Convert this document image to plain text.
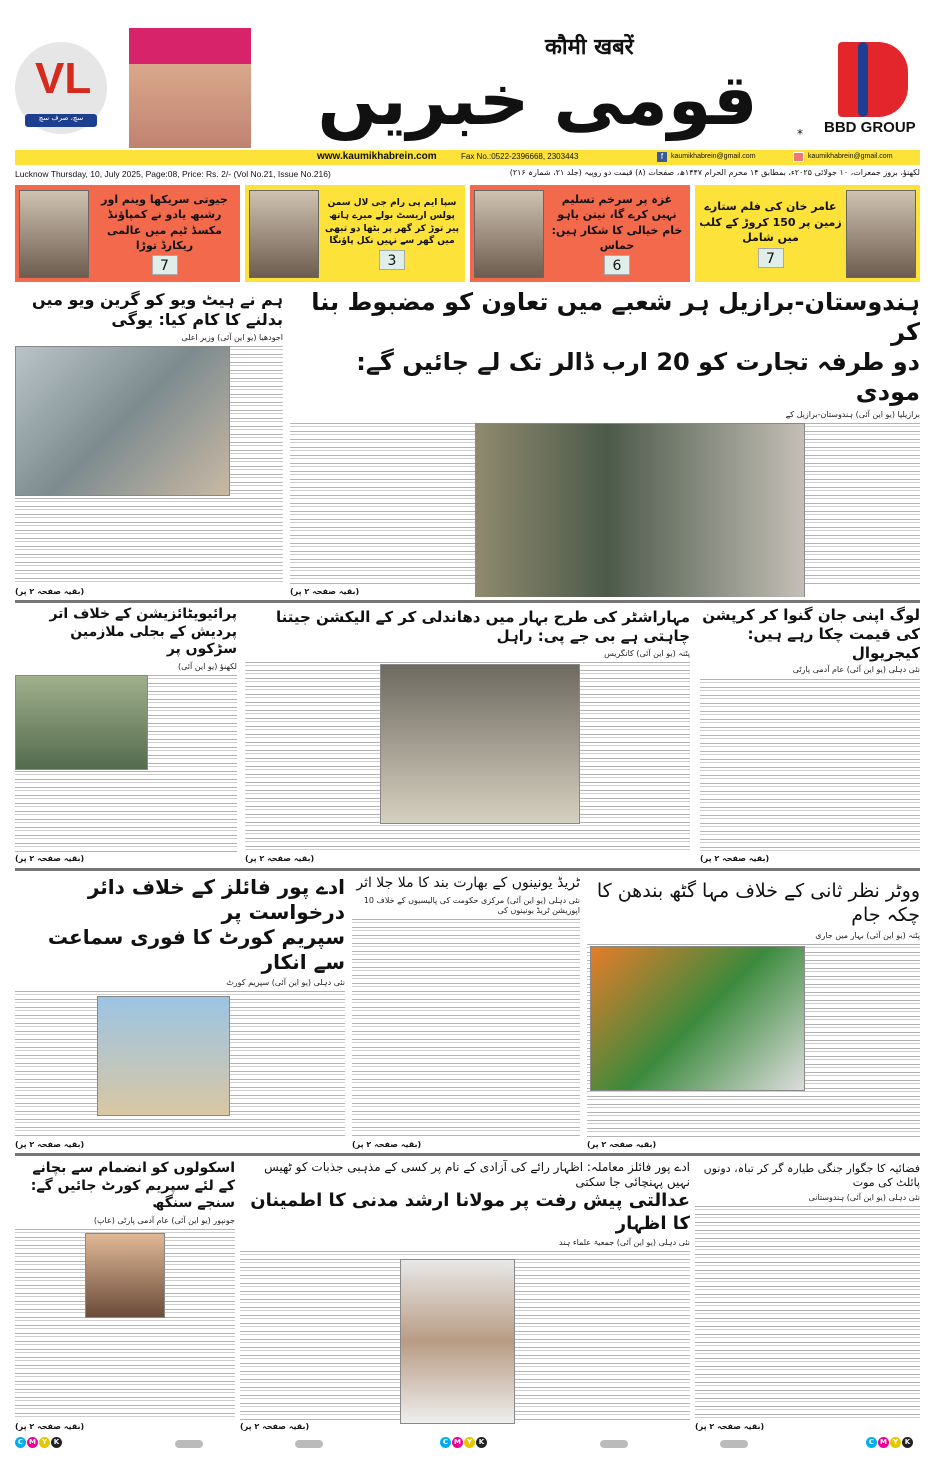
VL
سچ، صرف سچ
कौमी खबरें
قومی خبریں	* BBD GROUP
www.kaumikhabrein.com	Fax No.:0522-2396668, 2303443	f	kaumikhabrein@gmail.com	kaumikhabrein@gmail.com
Lucknow Thursday, 10, July 2025, Page:08, Price: Rs. 2/- (Vol No.21, Issue No.216)	لکھنؤ، بروز جمعرات، ۱۰ جولائی ۲۰۲۵ء، بمطابق ۱۴ محرم الحرام ۱۴۴۷ھ، صفحات (۸) قیمت دو روپیہ (جلد ۲۱، شمارہ ۲۱۶)
جیوتی سریکھا وینم اور رشبھ یادو نے کمپاؤنڈ مکسڈ ٹیم میں عالمی ریکارڈ توڑا
7
سپا ایم پی رام جی لال سمن پولس اریسٹ بولے میرے ہاتھ پیر توڑ کر گھر پر بٹھا دو تبھی میں گھر سے نہیں نکل پاؤنگا
3
غزہ پر سرخم تسلیم نہیں کرے گا، نیتن یاہو خام خیالی کا شکار ہیں: حماس
6
عامر خان کی فلم ستارے زمین پر 150 کروڑ کے کلب میں شامل
7
ہم نے ہیٹ ویو کو گرین ویو میں بدلنے کا کام کیا: یوگی
اجودھیا (یو این آئی) وزیر اعلی
(بقیہ صفحہ ۲ پر)
ہندوستان-برازیل ہر شعبے میں تعاون کو مضبوط بنا کر
دو طرفہ تجارت کو 20 ارب ڈالر تک لے جائیں گے: مودی
برازیلیا (یو این آئی) ہندوستان-برازیل کے
(بقیہ صفحہ ۲ پر)
پرائیویٹائزیشن کے خلاف اتر پردیش کے بجلی ملازمین سڑکوں پر
لکھنؤ (یو این آئی)
(بقیہ صفحہ ۲ پر)
مہاراشٹر کی طرح بہار میں دھاندلی کر کے الیکشن جیتنا چاہتی ہے بی جے پی: راہل
پٹنہ (یو این آئی) کانگریس
(بقیہ صفحہ ۲ پر)
لوگ اپنی جان گنوا کر کرپشن کی قیمت چکا رہے ہیں: کیجریوال
نئی دہلی (یو این آئی) عام آدمی پارٹی
(بقیہ صفحہ ۲ پر)
ادے پور فائلز کے خلاف دائر درخواست پر
سپریم کورٹ کا فوری سماعت سے انکار
نئی دہلی (یو این آئی) سپریم کورٹ
(بقیہ صفحہ ۲ پر)
ٹریڈ یونینوں کے بھارت بند کا ملا جلا اثر
نئی دہلی (یو این آئی) مرکزی حکومت کی پالیسیوں کے خلاف 10 اپوزیشن ٹریڈ یونینوں کی
(بقیہ صفحہ ۲ پر)
ووٹر نظر ثانی کے خلاف مہا گٹھ بندھن کا چکہ جام
پٹنہ (یو این آئی) بہار میں جاری
(بقیہ صفحہ ۲ پر)
اسکولوں کو انضمام سے بچانے کے لئے سپریم کورٹ جائیں گے: سنجے سنگھ
جونپور (یو این آئی) عام آدمی پارٹی (عاپ)
(بقیہ صفحہ ۲ پر)
ادے پور فائلز معاملہ: اظہار رائے کی آزادی کے نام پر کسی کے مذہبی جذبات کو ٹھیس نہیں پہنچائی جا سکتی
عدالتی پیش رفت پر مولانا ارشد مدنی کا اطمینان کا اظہار
نئی دہلی (یو این آئی) جمعیۃ علماء ہند
(بقیہ صفحہ ۲ پر)
فضائیہ کا جگوار جنگی طیارہ گر کر تباہ، دونوں پائلٹ کی موت
نئی دہلی (یو این آئی) ہندوستانی
(بقیہ صفحہ ۲ پر)
C M Y K	C M Y K	C M Y K
